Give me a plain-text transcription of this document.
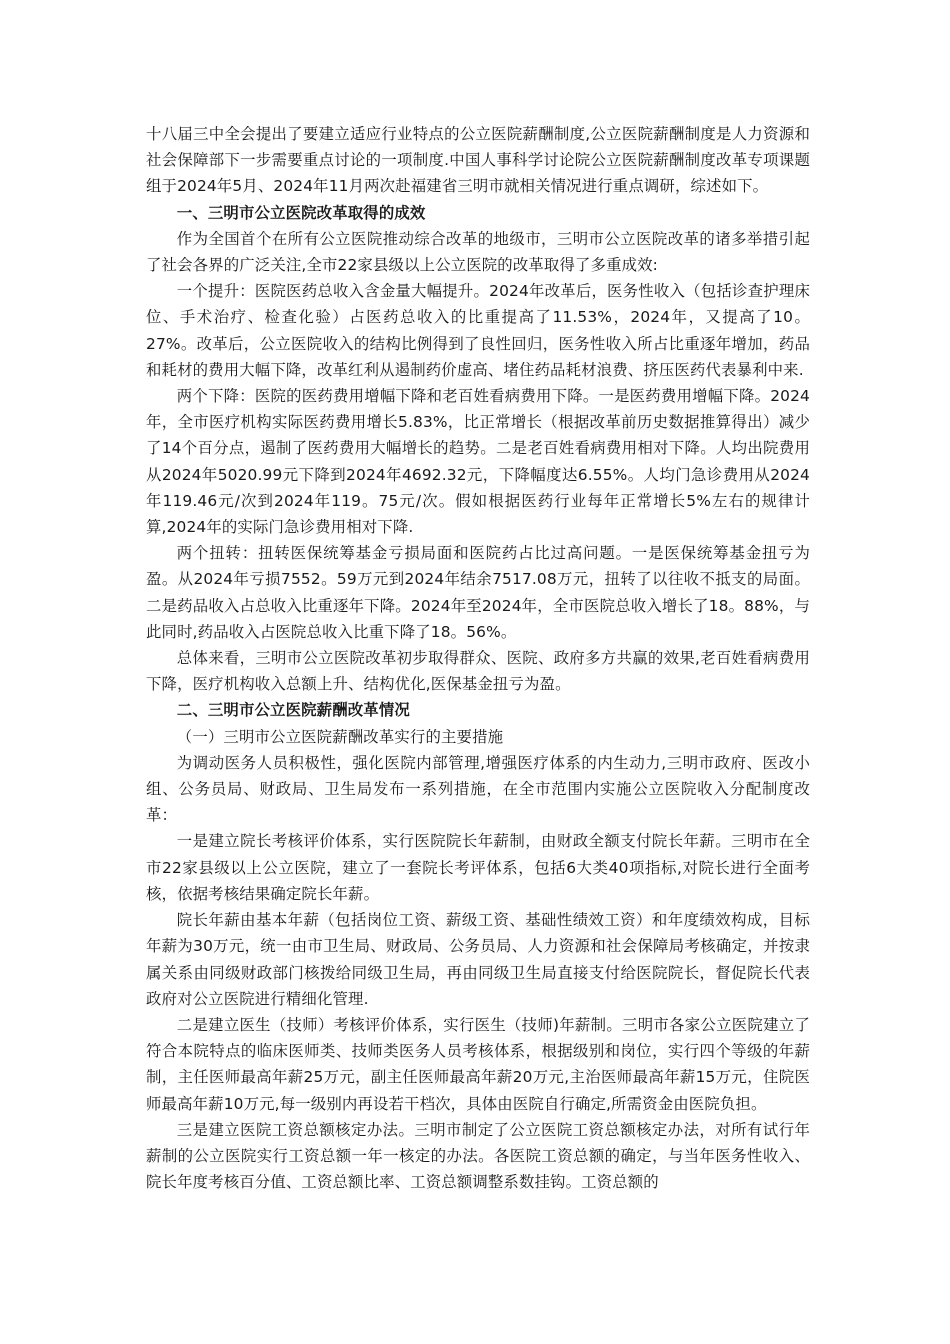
十八届三中全会提出了要建立适应行业特点的公立医院薪酬制度,公立医院薪酬制度是人力资源和社会保障部下一步需要重点讨论的一项制度.中国人事科学讨论院公立医院薪酬制度改革专项课题组于2024年5月、2024年11月两次赴福建省三明市就相关情况进行重点调研，综述如下。

一、三明市公立医院改革取得的成效

作为全国首个在所有公立医院推动综合改革的地级市，三明市公立医院改革的诸多举措引起了社会各界的广泛关注,全市22家县级以上公立医院的改革取得了多重成效:

一个提升：医院医药总收入含金量大幅提升。2024年改革后，医务性收入（包括诊查护理床位、手术治疗、检查化验）占医药总收入的比重提高了11.53%，2024年，又提高了10。27%。改革后，公立医院收入的结构比例得到了良性回归，医务性收入所占比重逐年增加，药品和耗材的费用大幅下降，改革红利从遏制药价虚高、堵住药品耗材浪费、挤压医药代表暴利中来.

两个下降：医院的医药费用增幅下降和老百姓看病费用下降。一是医药费用增幅下降。2024年，全市医疗机构实际医药费用增长5.83%，比正常增长（根据改革前历史数据推算得出）减少了14个百分点，遏制了医药费用大幅增长的趋势。二是老百姓看病费用相对下降。人均出院费用从2024年5020.99元下降到2024年4692.32元，下降幅度达6.55%。人均门急诊费用从2024年119.46元/次到2024年119。75元/次。假如根据医药行业每年正常增长5%左右的规律计算,2024年的实际门急诊费用相对下降.

两个扭转：扭转医保统筹基金亏损局面和医院药占比过高问题。一是医保统筹基金扭亏为盈。从2024年亏损7552。59万元到2024年结余7517.08万元，扭转了以往收不抵支的局面。二是药品收入占总收入比重逐年下降。2024年至2024年，全市医院总收入增长了18。88%，与此同时,药品收入占医院总收入比重下降了18。56%。

总体来看，三明市公立医院改革初步取得群众、医院、政府多方共赢的效果,老百姓看病费用下降，医疗机构收入总额上升、结构优化,医保基金扭亏为盈。

二、三明市公立医院薪酬改革情况
（一）三明市公立医院薪酬改革实行的主要措施

为调动医务人员积极性，强化医院内部管理,增强医疗体系的内生动力,三明市政府、医改小组、公务员局、财政局、卫生局发布一系列措施，在全市范围内实施公立医院收入分配制度改革：

一是建立院长考核评价体系，实行医院院长年薪制，由财政全额支付院长年薪。三明市在全市22家县级以上公立医院，建立了一套院长考评体系，包括6大类40项指标,对院长进行全面考核，依据考核结果确定院长年薪。

院长年薪由基本年薪（包括岗位工资、薪级工资、基础性绩效工资）和年度绩效构成，目标年薪为30万元，统一由市卫生局、财政局、公务员局、人力资源和社会保障局考核确定，并按隶属关系由同级财政部门核拨给同级卫生局，再由同级卫生局直接支付给医院院长，督促院长代表政府对公立医院进行精细化管理.

二是建立医生（技师）考核评价体系，实行医生（技师)年薪制。三明市各家公立医院建立了符合本院特点的临床医师类、技师类医务人员考核体系，根据级别和岗位，实行四个等级的年薪制，主任医师最高年薪25万元，副主任医师最高年薪20万元,主治医师最高年薪15万元，住院医师最高年薪10万元,每一级别内再设若干档次，具体由医院自行确定,所需资金由医院负担。

三是建立医院工资总额核定办法。三明市制定了公立医院工资总额核定办法，对所有试行年薪制的公立医院实行工资总额一年一核定的办法。各医院工资总额的确定，与当年医务性收入、院长年度考核百分值、工资总额比率、工资总额调整系数挂钩。工资总额的
